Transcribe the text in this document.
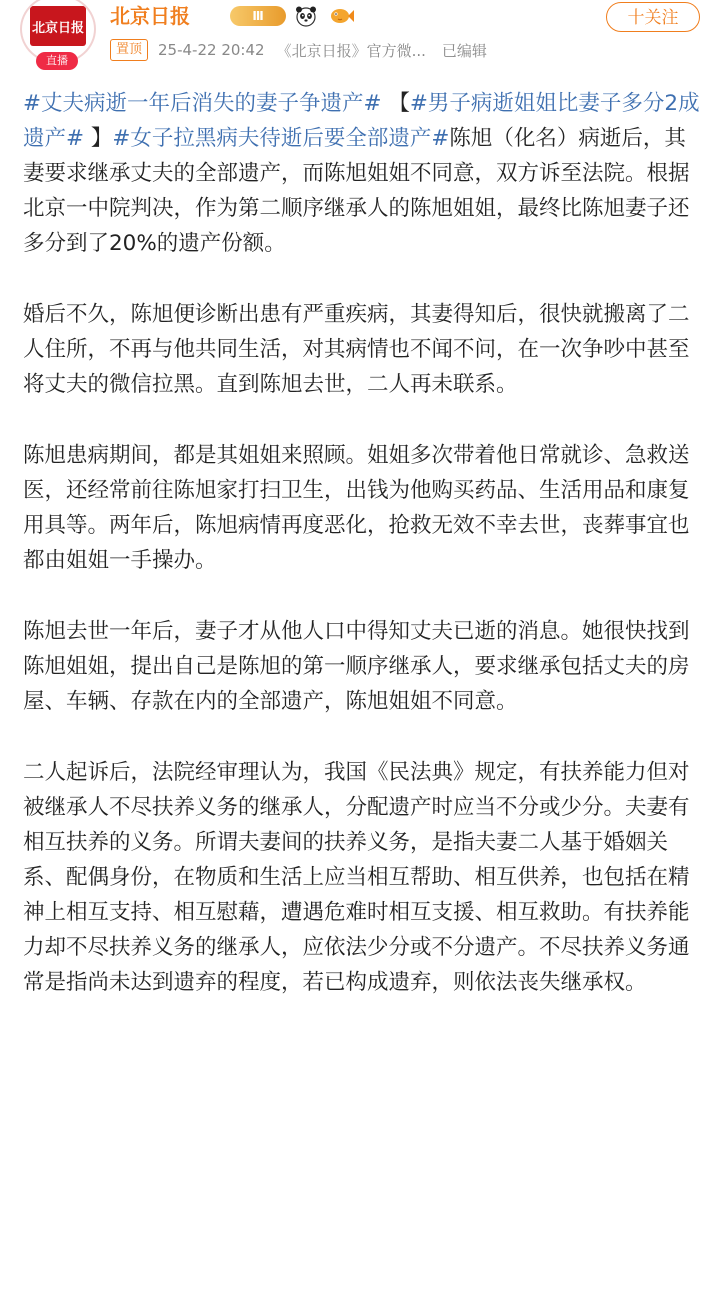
北京日报
直播
北京日报	Ⅲ	十关注
置顶	25-4-22 20:42 《北京日报》官方微... 已编辑

#丈夫病逝一年后消失的妻子争遗产# 【#男子病逝姐姐比妻子多分2成遗产# 】#女子拉黑病夫待逝后要全部遗产#陈旭（化名）病逝后，其妻要求继承丈夫的全部遗产，而陈旭姐姐不同意，双方诉至法院。根据北京一中院判决，作为第二顺序继承人的陈旭姐姐，最终比陈旭妻子还多分到了20%的遗产份额。

婚后不久，陈旭便诊断出患有严重疾病，其妻得知后，很快就搬离了二人住所，不再与他共同生活，对其病情也不闻不问，在一次争吵中甚至将丈夫的微信拉黑。直到陈旭去世，二人再未联系。

陈旭患病期间，都是其姐姐来照顾。姐姐多次带着他日常就诊、急救送医，还经常前往陈旭家打扫卫生，出钱为他购买药品、生活用品和康复用具等。两年后，陈旭病情再度恶化，抢救无效不幸去世，丧葬事宜也都由姐姐一手操办。

陈旭去世一年后，妻子才从他人口中得知丈夫已逝的消息。她很快找到陈旭姐姐，提出自己是陈旭的第一顺序继承人，要求继承包括丈夫的房屋、车辆、存款在内的全部遗产，陈旭姐姐不同意。

二人起诉后，法院经审理认为，我国《民法典》规定，有扶养能力但对被继承人不尽扶养义务的继承人，分配遗产时应当不分或少分。夫妻有相互扶养的义务。所谓夫妻间的扶养义务，是指夫妻二人基于婚姻关系、配偶身份，在物质和生活上应当相互帮助、相互供养，也包括在精神上相互支持、相互慰藉，遭遇危难时相互支援、相互救助。有扶养能力却不尽扶养义务的继承人，应依法少分或不分遗产。不尽扶养义务通常是指尚未达到遗弃的程度，若已构成遗弃，则依法丧失继承权。
